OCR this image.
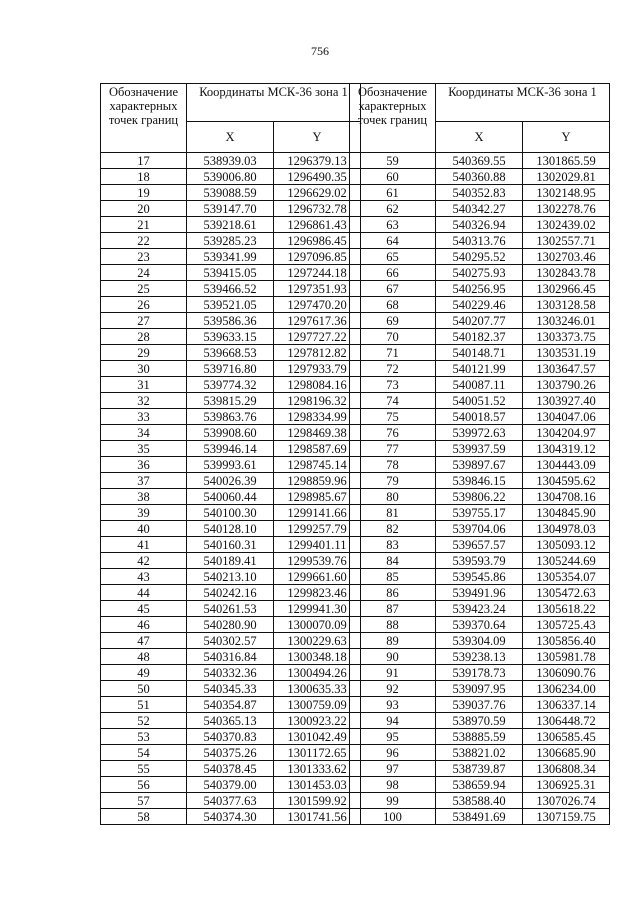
756
Обозначение характерных точек границ	Координаты МСК-36 зона 1	
	X	Y
17	538939.03	1296379.13
18	539006.80	1296490.35
19	539088.59	1296629.02
20	539147.70	1296732.78
21	539218.61	1296861.43
22	539285.23	1296986.45
23	539341.99	1297096.85
24	539415.05	1297244.18
25	539466.52	1297351.93
26	539521.05	1297470.20
27	539586.36	1297617.36
28	539633.15	1297727.22
29	539668.53	1297812.82
30	539716.80	1297933.79
31	539774.32	1298084.16
32	539815.29	1298196.32
33	539863.76	1298334.99
34	539908.60	1298469.38
35	539946.14	1298587.69
36	539993.61	1298745.14
37	540026.39	1298859.96
38	540060.44	1298985.67
39	540100.30	1299141.66
40	540128.10	1299257.79
41	540160.31	1299401.11
42	540189.41	1299539.76
43	540213.10	1299661.60
44	540242.16	1299823.46
45	540261.53	1299941.30
46	540280.90	1300070.09
47	540302.57	1300229.63
48	540316.84	1300348.18
49	540332.36	1300494.26
50	540345.33	1300635.33
51	540354.87	1300759.09
52	540365.13	1300923.22
53	540370.83	1301042.49
54	540375.26	1301172.65
55	540378.45	1301333.62
56	540379.00	1301453.03
57	540377.63	1301599.92
58	540374.30	1301741.56
Обозначение характерных точек границ	Координаты МСК-36 зона 1	
	X	Y
59	540369.55	1301865.59
60	540360.88	1302029.81
61	540352.83	1302148.95
62	540342.27	1302278.76
63	540326.94	1302439.02
64	540313.76	1302557.71
65	540295.52	1302703.46
66	540275.93	1302843.78
67	540256.95	1302966.45
68	540229.46	1303128.58
69	540207.77	1303246.01
70	540182.37	1303373.75
71	540148.71	1303531.19
72	540121.99	1303647.57
73	540087.11	1303790.26
74	540051.52	1303927.40
75	540018.57	1304047.06
76	539972.63	1304204.97
77	539937.59	1304319.12
78	539897.67	1304443.09
79	539846.15	1304595.62
80	539806.22	1304708.16
81	539755.17	1304845.90
82	539704.06	1304978.03
83	539657.57	1305093.12
84	539593.79	1305244.69
85	539545.86	1305354.07
86	539491.96	1305472.63
87	539423.24	1305618.22
88	539370.64	1305725.43
89	539304.09	1305856.40
90	539238.13	1305981.78
91	539178.73	1306090.76
92	539097.95	1306234.00
93	539037.76	1306337.14
94	538970.59	1306448.72
95	538885.59	1306585.45
96	538821.02	1306685.90
97	538739.87	1306808.34
98	538659.94	1306925.31
99	538588.40	1307026.74
100	538491.69	1307159.75
